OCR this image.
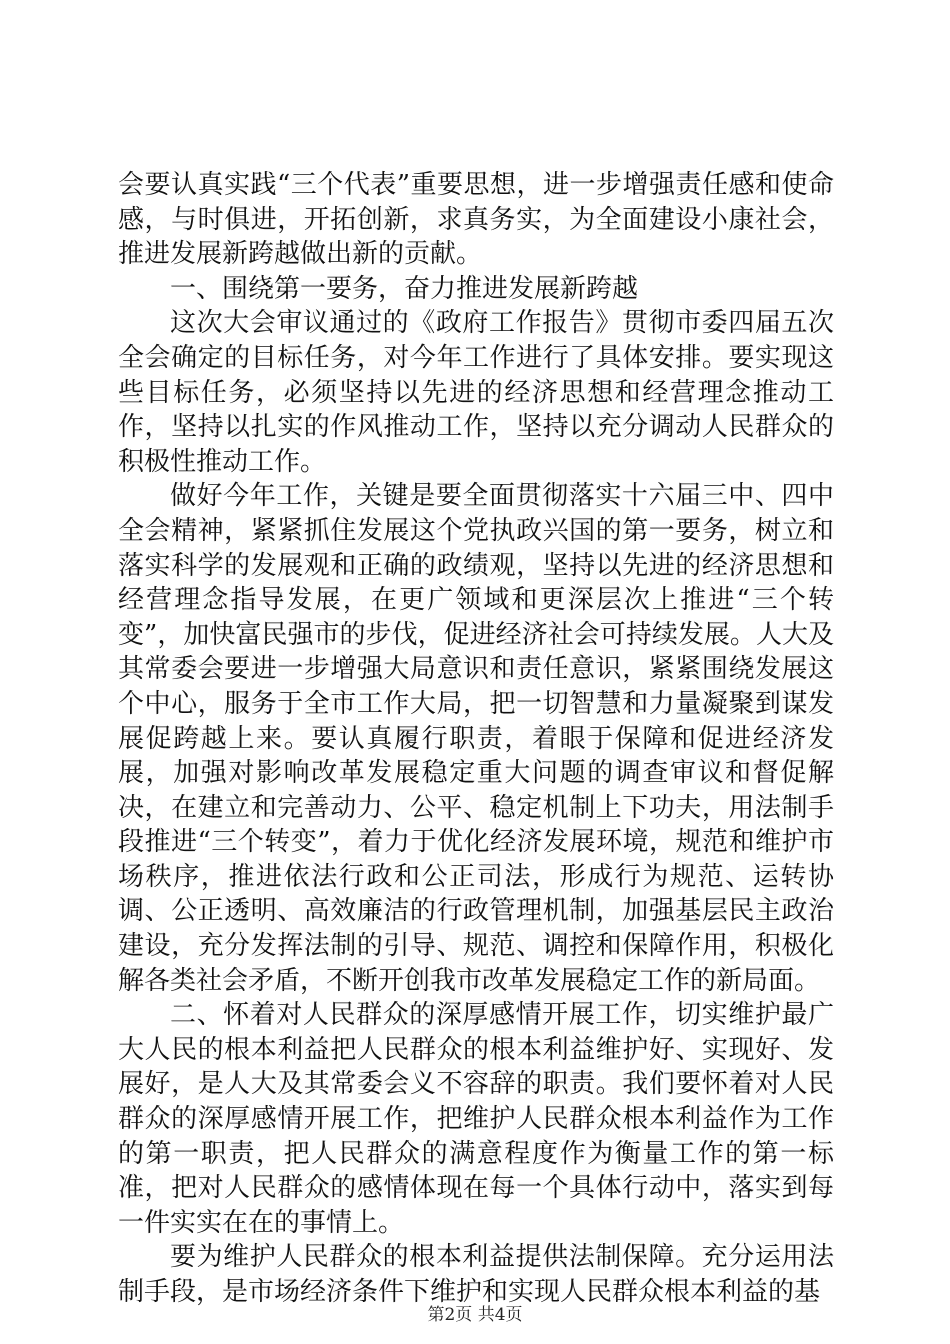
会要认真实践“三个代表”重要思想，进一步增强责任感和使命感，与时俱进，开拓创新，求真务实，为全面建设小康社会，推进发展新跨越做出新的贡献。

一、围绕第一要务，奋力推进发展新跨越

这次大会审议通过的《政府工作报告》贯彻市委四届五次全会确定的目标任务，对今年工作进行了具体安排。要实现这些目标任务，必须坚持以先进的经济思想和经营理念推动工作，坚持以扎实的作风推动工作，坚持以充分调动人民群众的积极性推动工作。

做好今年工作，关键是要全面贯彻落实十六届三中、四中全会精神，紧紧抓住发展这个党执政兴国的第一要务，树立和落实科学的发展观和正确的政绩观，坚持以先进的经济思想和经营理念指导发展，在更广领域和更深层次上推进“三个转变”，加快富民强市的步伐，促进经济社会可持续发展。人大及其常委会要进一步增强大局意识和责任意识，紧紧围绕发展这个中心，服务于全市工作大局，把一切智慧和力量凝聚到谋发展促跨越上来。要认真履行职责，着眼于保障和促进经济发展，加强对影响改革发展稳定重大问题的调查审议和督促解决，在建立和完善动力、公平、稳定机制上下功夫，用法制手段推进“三个转变”，着力于优化经济发展环境，规范和维护市场秩序，推进依法行政和公正司法，形成行为规范、运转协调、公正透明、高效廉洁的行政管理机制，加强基层民主政治建设，充分发挥法制的引导、规范、调控和保障作用，积极化解各类社会矛盾，不断开创我市改革发展稳定工作的新局面。

二、怀着对人民群众的深厚感情开展工作，切实维护最广大人民的根本利益把人民群众的根本利益维护好、实现好、发展好，是人大及其常委会义不容辞的职责。我们要怀着对人民群众的深厚感情开展工作，把维护人民群众根本利益作为工作的第一职责，把人民群众的满意程度作为衡量工作的第一标准，把对人民群众的感情体现在每一个具体行动中，落实到每一件实实在在的事情上。

要为维护人民群众的根本利益提供法制保障。充分运用法制手段，是市场经济条件下维护和实现人民群众根本利益的基

第2页 共4页
